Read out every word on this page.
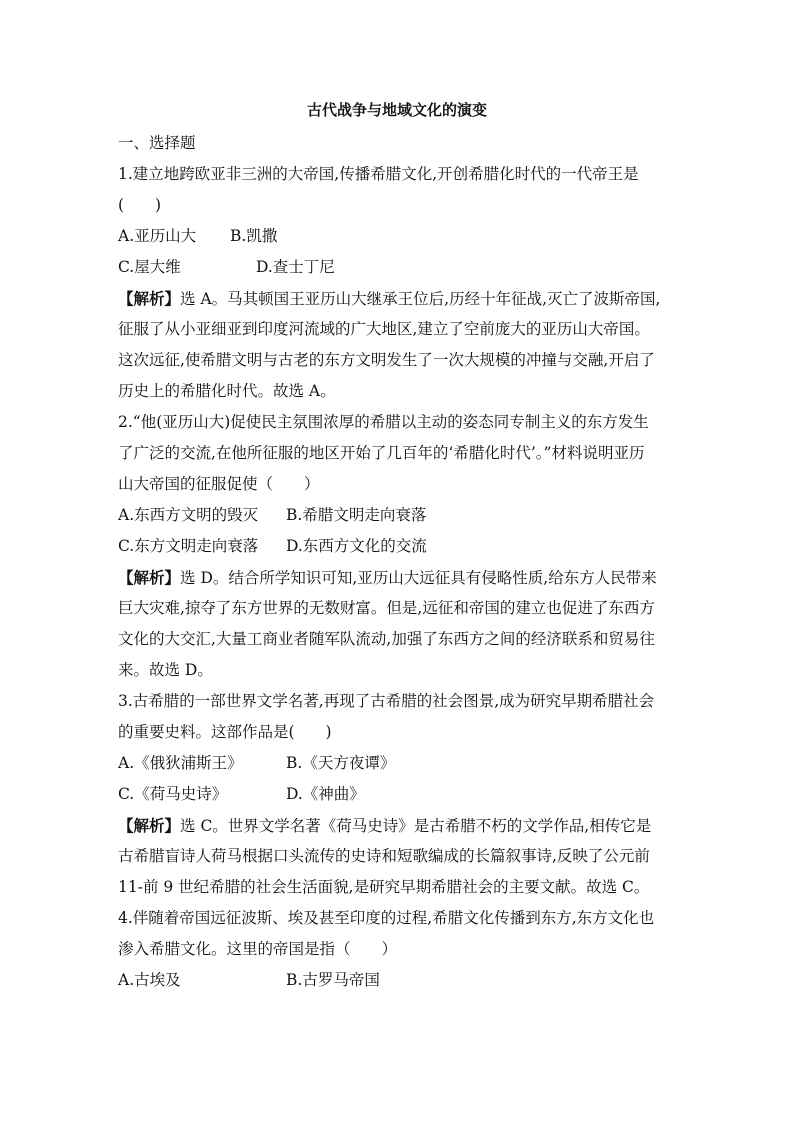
古代战争与地域文化的演变
一、选择题
1.建立地跨欧亚非三洲的大帝国,传播希腊文化,开创希腊化时代的一代帝王是
(　　)
A.亚历山大 B.凯撒
C.屋大维	D.查士丁尼
【解析】选 A。马其顿国王亚历山大继承王位后,历经十年征战,灭亡了波斯帝国,
征服了从小亚细亚到印度河流域的广大地区,建立了空前庞大的亚历山大帝国。
这次远征,使希腊文明与古老的东方文明发生了一次大规模的冲撞与交融,开启了
历史上的希腊化时代。故选 A。
2.“他(亚历山大)促使民主氛围浓厚的希腊以主动的姿态同专制主义的东方发生
了广泛的交流,在他所征服的地区开始了几百年的‘希腊化时代’。”材料说明亚历
山大帝国的征服促使（　　）
A.东西方文明的毁灭 B.希腊文明走向衰落
C.东方文明走向衰落 D.东西方文化的交流
【解析】选 D。结合所学知识可知,亚历山大远征具有侵略性质,给东方人民带来
巨大灾难,掠夺了东方世界的无数财富。但是,远征和帝国的建立也促进了东西方
文化的大交汇,大量工商业者随军队流动,加强了东西方之间的经济联系和贸易往
来。故选 D。
3.古希腊的一部世界文学名著,再现了古希腊的社会图景,成为研究早期希腊社会
的重要史料。这部作品是(　　)
A.《俄狄浦斯王》	B.《天方夜谭》
C.《荷马史诗》	D.《神曲》
【解析】选 C。世界文学名著《荷马史诗》是古希腊不朽的文学作品,相传它是
古希腊盲诗人荷马根据口头流传的史诗和短歌编成的长篇叙事诗,反映了公元前
11-前 9 世纪希腊的社会生活面貌,是研究早期希腊社会的主要文献。故选 C。
4.伴随着帝国远征波斯、埃及甚至印度的过程,希腊文化传播到东方,东方文化也
渗入希腊文化。这里的帝国是指（　　）
A.古埃及	B.古罗马帝国
